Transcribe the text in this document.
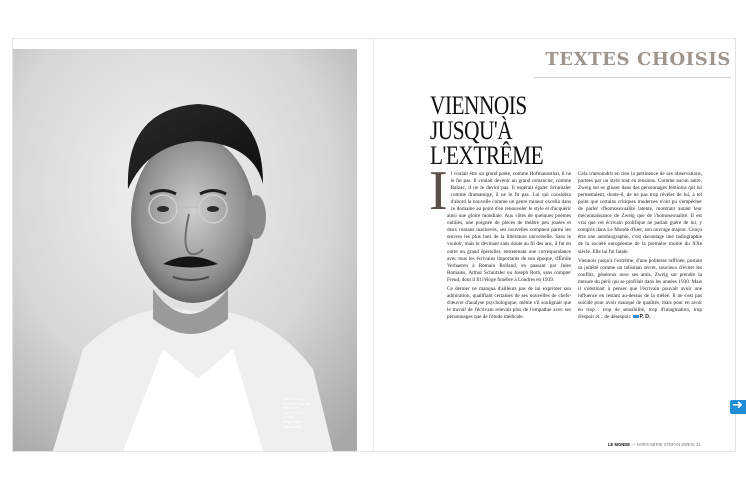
Stefan Zweig
en 1926. Il venait
d'éprouver
ses premiers
succès.
Pieper/ann
Mercurvelly
TEXTES CHOISIS
VIENNOIS JUSQU'À L'EXTRÊME
I l voulait être un grand poète, comme Hofmannsthal, il ne le fut pas. Il voulait devenir un grand romancier, comme Balzac, il ne le devint pas. Il espérait égaler Schnitzler comme dramaturge, il ne le fit pas. Lui qui considéra d'abord la nouvelle comme un genre mineur excella dans ce domaine au point d'en renouveler le style et d'acquérir ainsi une gloire mondiale. Aux côtés de quelques poèmes oubliés, une poignée de pièces de théâtre peu jouées et deux romans inachevés, ses nouvelles comptent parmi les œuvres les plus lues de la littérature universelle. Sans le vouloir, mais le devinant sans doute au fil des ans, il fut en outre un grand épistolier, entretenant une correspondance avec tous les écrivains importants de son époque, d'Émile Verhaeren à Romain Rolland, en passant par Jules Romains, Arthur Schnitzler ou Joseph Roth, sans compter Freud, dont il fit l'éloge funèbre à Londres en 1939.

Ce dernier ne manqua d'ailleurs pas de lui exprimer son admiration, qualifiant certaines de ses nouvelles de chefs-d'œuvre d'analyse psychologique, même s'il soulignait que le travail de l'écrivain relevait plus de l'empathie avec ses personnages que de l'étude médicale.

Cela n'amoindrit en rien la pertinence de ses observations, portées par un style tout en tensions. Comme aucun autre, Zweig sut se glisser dans des personnages féminins qui lui permettaient, doute-il, de ne pas trop révéler de lui, à tel point que certains critiques modernes n'ont pu s'empêcher de parler d'homosexualité latente, montrant autant leur méconnaissance de Zweig que de l'homosexualité. Il est vrai que cet écrivain prolifique ne parlait guère de lui, y compris dans Le Monde d'hier, son ouvrage majeur. Conçu être une autobiographie, c'est davantage une radiographie de la société européenne de la première moitié du XXe siècle. Elle lui fut fatale.

Viennois jusqu'à l'extrême, d'une politesse raffinée, portant sa judéité comme un talisman secret, soucieux d'éviter les conflits, généreux avec ses amis, Zweig sut prendre la mesure du péril qui se profilait dans les années 1930. Mais il s'obstinait à penser que l'écrivain pouvait avoir une influence en restant au-dessus de la mêlée. Il ne s'est pas suicidé pour avoir manqué de qualités, mais pour en avoir eu trop : trop de sensibilité, trop d'imagination, trop d'espoir et... de désespoir. P. D.

LE MONDE — HORS-SÉRIE STEFAN ZWEIG 21
➜
